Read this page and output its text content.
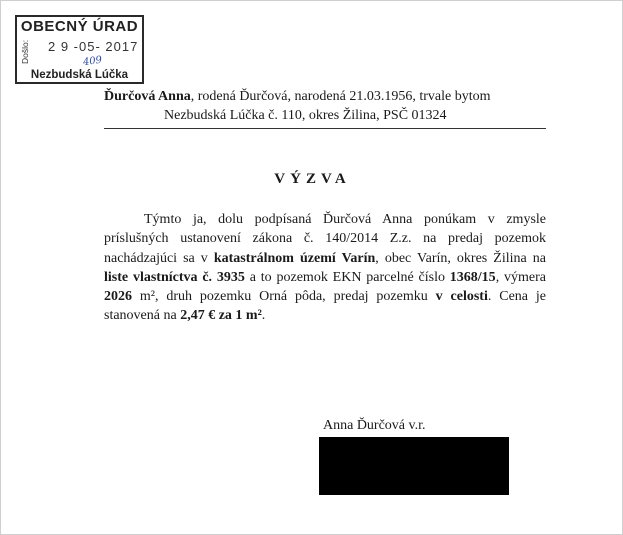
OBECNÝ ÚRAD
Došlo: 2 9 -05- 2017
409
Nezbudská Lúčka
Ďurčová Anna, rodená Ďurčová, narodená 21.03.1956, trvale bytom
Nezbudská Lúčka č. 110, okres Žilina, PSČ 01324
VÝZVA

Týmto ja, dolu podpísaná Ďurčová Anna ponúkam v zmysle príslušných ustanovení zákona č. 140/2014 Z.z. na predaj pozemok nachádzajúci sa v katastrálnom území Varín, obec Varín, okres Žilina na liste vlastníctva č. 3935 a to pozemok EKN parcelné číslo 1368/15, výmera 2026 m², druh pozemku Orná pôda, predaj pozemku v celosti. Cena je stanovená na 2,47 € za 1 m².

Anna Ďurčová v.r.
